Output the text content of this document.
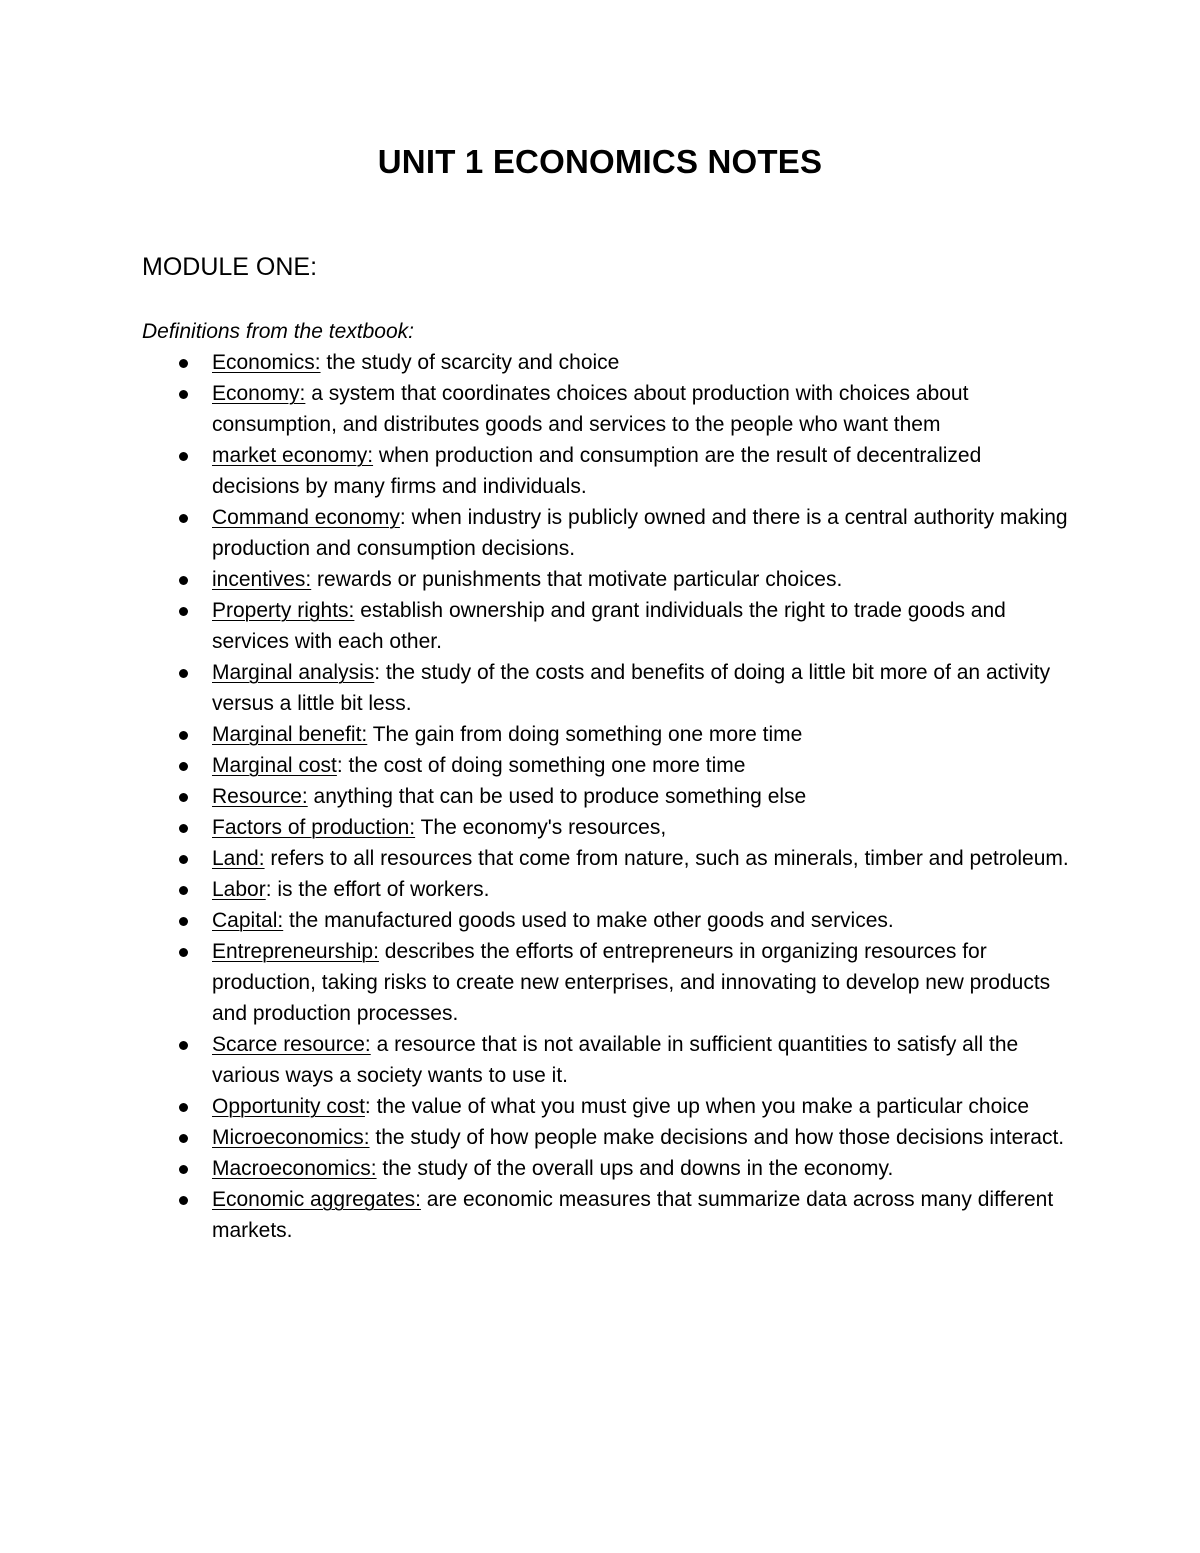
UNIT 1 ECONOMICS NOTES
MODULE ONE:
Definitions from the textbook:
Economics: the study of scarcity and choice
Economy: a system that coordinates choices about production with choices about consumption, and distributes goods and services to the people who want them
market economy: when production and consumption are the result of decentralized decisions by many firms and individuals.
Command economy: when industry is publicly owned and there is a central authority making production and consumption decisions.
incentives: rewards or punishments that motivate particular choices.
Property rights: establish ownership and grant individuals the right to trade goods and services with each other.
Marginal analysis: the study of the costs and benefits of doing a little bit more of an activity versus a little bit less.
Marginal benefit: The gain from doing something one more time
Marginal cost: the cost of doing something one more time
Resource: anything that can be used to produce something else
Factors of production: The economy's resources,
Land: refers to all resources that come from nature, such as minerals, timber and petroleum.
Labor: is the effort of workers.
Capital: the manufactured goods used to make other goods and services.
Entrepreneurship: describes the efforts of entrepreneurs in organizing resources for production, taking risks to create new enterprises, and innovating to develop new products and production processes.
Scarce resource: a resource that is not available in sufficient quantities to satisfy all the various ways a society wants to use it.
Opportunity cost: the value of what you must give up when you make a particular choice
Microeconomics: the study of how people make decisions and how those decisions interact.
Macroeconomics: the study of the overall ups and downs in the economy.
Economic aggregates: are economic measures that summarize data across many different markets.
